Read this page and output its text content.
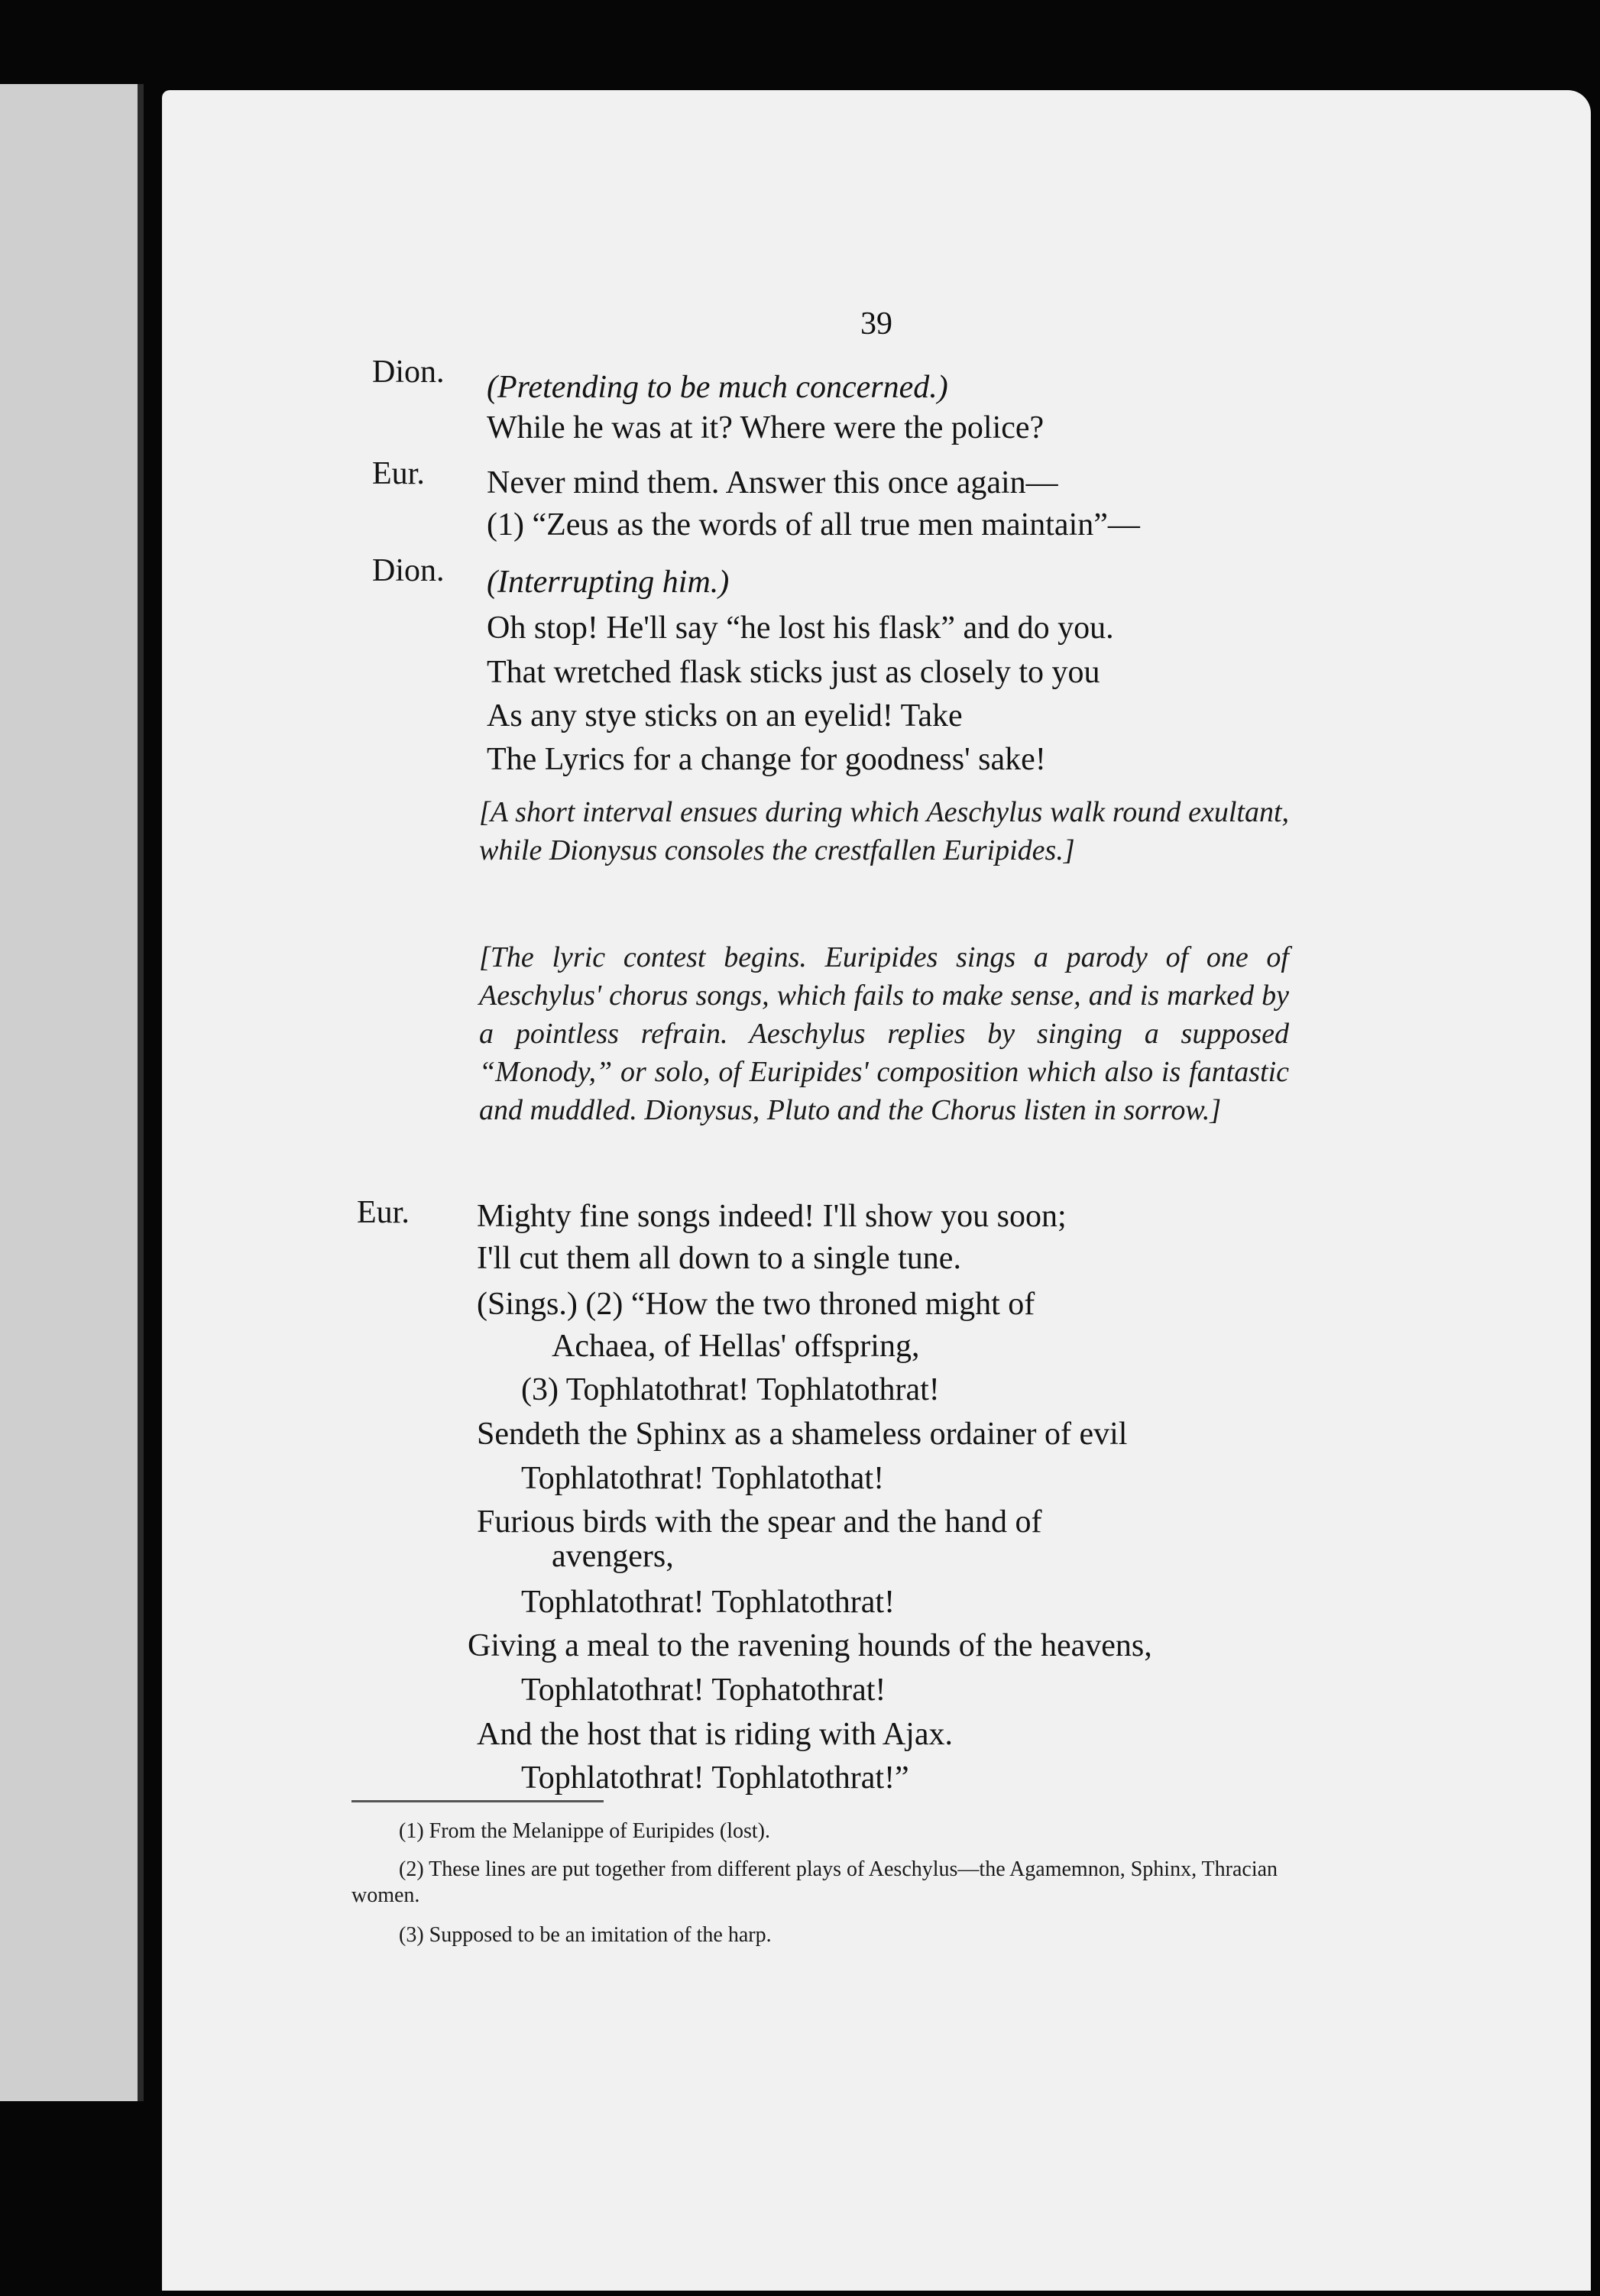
39
Dion. (Pretending to be much concerned.)
While he was at it? Where were the police?
Eur. Never mind them. Answer this once again—
(1) “Zeus as the words of all true men maintain”—
Dion. (Interrupting him.)
Oh stop! He'll say “he lost his flask” and do you.
That wretched flask sticks just as closely to you
As any stye sticks on an eyelid! Take
The Lyrics for a change for goodness' sake!
[A short interval ensues during which Aeschylus walk round exultant, while Dionysus consoles the crestfallen Euripides.]
[The lyric contest begins. Euripides sings a parody of one of Aeschylus' chorus songs, which fails to make sense, and is marked by a pointless refrain. Aeschylus replies by singing a supposed “Monody,” or solo, of Euripides' composition which also is fantastic and muddled. Dionysus, Pluto and the Chorus listen in sorrow.]
Eur. Mighty fine songs indeed! I'll show you soon;
I'll cut them all down to a single tune.
(Sings.) (2) “How the two throned might of
Achaea, of Hellas' offspring,
(3) Tophlatothrat! Tophlatothrat!
Sendeth the Sphinx as a shameless ordainer of evil
Tophlatothrat! Tophlatothat!
Furious birds with the spear and the hand of
avengers,
Tophlatothrat! Tophlatothrat!
Giving a meal to the ravening hounds of the heavens,
Tophlatothrat! Tophatothrat!
And the host that is riding with Ajax.
Tophlatothrat! Tophlatothrat!”
(1) From the Melanippe of Euripides (lost).
(2) These lines are put together from different plays of Aeschylus—the Agamemnon, Sphinx, Thracian women.
(3) Supposed to be an imitation of the harp.
